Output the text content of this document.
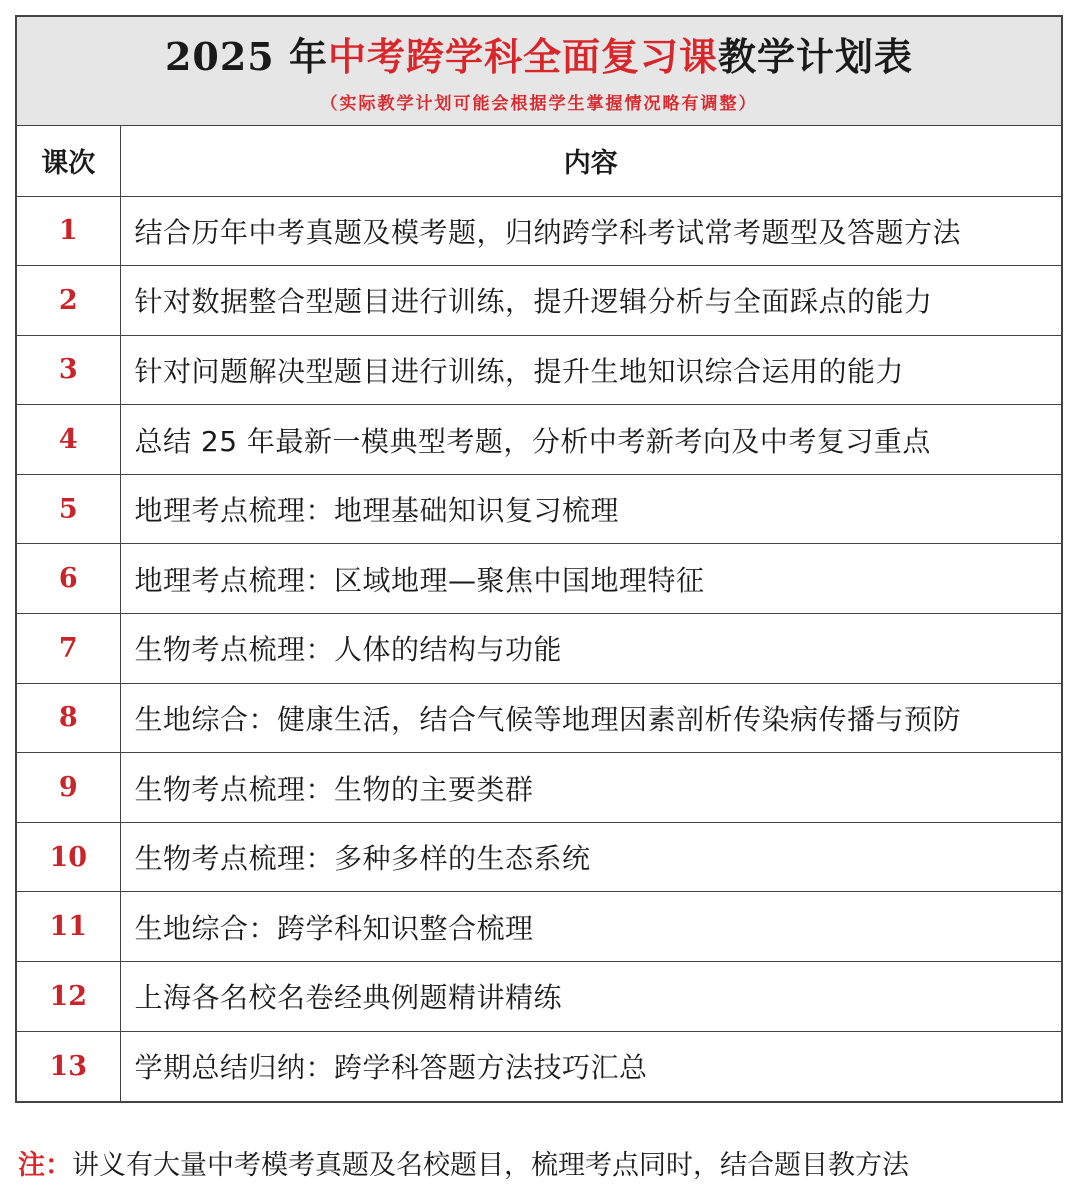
2025 年中考跨学科全面复习课教学计划表
（实际教学计划可能会根据学生掌握情况略有调整）
课次	内容
1	结合历年中考真题及模考题，归纳跨学科考试常考题型及答题方法
2	针对数据整合型题目进行训练，提升逻辑分析与全面踩点的能力
3	针对问题解决型题目进行训练，提升生地知识综合运用的能力
4	总结 25 年最新一模典型考题，分析中考新考向及中考复习重点
5	地理考点梳理：地理基础知识复习梳理
6	地理考点梳理：区域地理—聚焦中国地理特征
7	生物考点梳理：人体的结构与功能
8	生地综合：健康生活，结合气候等地理因素剖析传染病传播与预防
9	生物考点梳理：生物的主要类群
10	生物考点梳理：多种多样的生态系统
11	生地综合：跨学科知识整合梳理
12	上海各名校名卷经典例题精讲精练
13	学期总结归纳：跨学科答题方法技巧汇总
注：讲义有大量中考模考真题及名校题目，梳理考点同时，结合题目教方法
